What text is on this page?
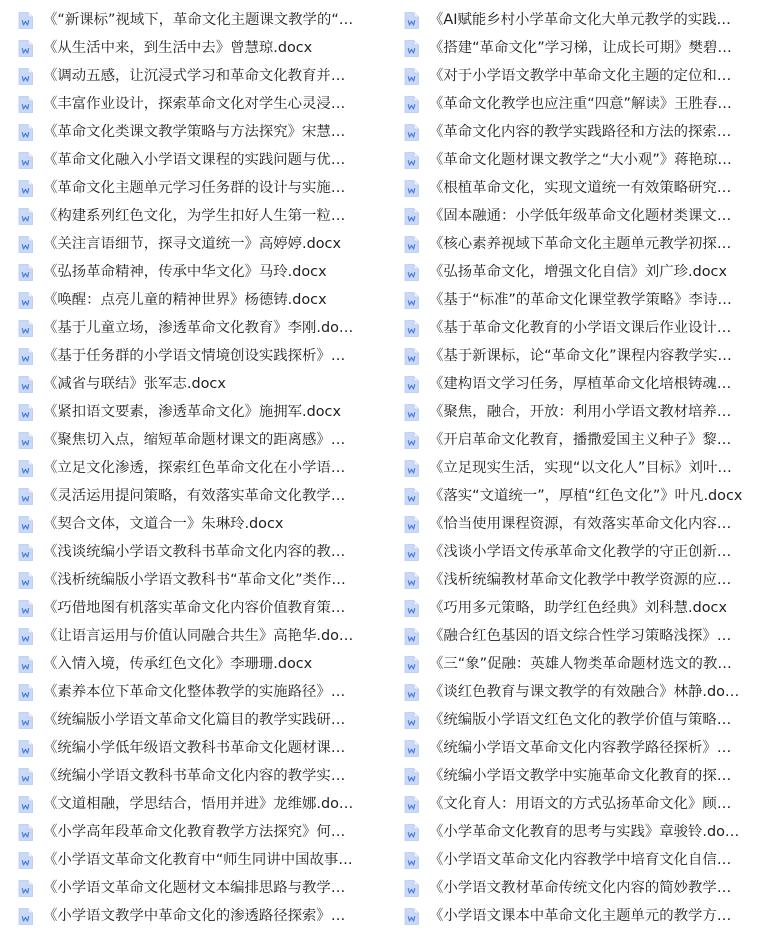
《“新课标”视域下，革命文化主题课文教学的“…
《从生活中来，到生活中去》曾慧琼.docx
《调动五感，让沉浸式学习和革命文化教育并…
《丰富作业设计，探索革命文化对学生心灵浸…
《革命文化类课文教学策略与方法探究》宋慧…
《革命文化融入小学语文课程的实践问题与优…
《革命文化主题单元学习任务群的设计与实施…
《构建系列红色文化，为学生扣好人生第一粒…
《关注言语细节，探寻文道统一》高婷婷.docx
《弘扬革命精神，传承中华文化》马玲.docx
《唤醒：点亮儿童的精神世界》杨德铸.docx
《基于儿童立场，渗透革命文化教育》李刚.do…
《基于任务群的小学语文情境创设实践探析》…
《减省与联结》张军志.docx
《紧扣语文要素，渗透革命文化》施拥军.docx
《聚焦切入点，缩短革命题材课文的距离感》…
《立足文化渗透，探索红色革命文化在小学语…
《灵活运用提问策略，有效落实革命文化教学…
《契合文体，文道合一》朱琳玲.docx
《浅谈统编小学语文教科书革命文化内容的教…
《浅析统编版小学语文教科书“革命文化”类作…
《巧借地图有机落实革命文化内容价值教育策…
《让语言运用与价值认同融合共生》高艳华.do…
《入情入境，传承红色文化》李珊珊.docx
《素养本位下革命文化整体教学的实施路径》…
《统编版小学语文革命文化篇目的教学实践研…
《统编小学低年级语文教科书革命文化题材课…
《统编小学语文教科书革命文化内容的教学实…
《文道相融，学思结合，悟用并进》龙维娜.do…
《小学高年段革命文化教育教学方法探究》何…
《小学语文革命文化教育中“师生同讲中国故事…
《小学语文革命文化题材文本编排思路与教学…
《小学语文教学中革命文化的渗透路径探索》…
《AI赋能乡村小学革命文化大单元教学的实践…
《搭建“革命文化”学习梯，让成长可期》樊碧…
《对于小学语文教学中革命文化主题的定位和…
《革命文化教学也应注重“四意”解读》王胜春…
《革命文化内容的教学实践路径和方法的探索…
《革命文化题材课文教学之“大小观”》蒋艳琼…
《根植革命文化，实现文道统一有效策略研究…
《固本融通：小学低年级革命文化题材类课文…
《核心素养视域下革命文化主题单元教学初探…
《弘扬革命文化，增强文化自信》刘广珍.docx
《基于“标准”的革命文化课堂教学策略》李诗…
《基于革命文化教育的小学语文课后作业设计…
《基于新课标，论“革命文化”课程内容教学实…
《建构语文学习任务，厚植革命文化培根铸魂…
《聚焦，融合，开放：利用小学语文教材培养…
《开启革命文化教育，播撒爱国主义种子》黎…
《立足现实生活，实现“以文化人”目标》刘叶…
《落实“文道统一”，厚植“红色文化”》叶凡.docx
《恰当使用课程资源，有效落实革命文化内容…
《浅谈小学语文传承革命文化教学的守正创新…
《浅析统编教材革命文化教学中教学资源的应…
《巧用多元策略，助学红色经典》刘科慧.docx
《融合红色基因的语文综合性学习策略浅探》…
《三“象”促融：英雄人物类革命题材选文的教…
《谈红色教育与课文教学的有效融合》林静.do…
《统编版小学语文红色文化的教学价值与策略…
《统编小学语文革命文化内容教学路径探析》…
《统编小学语文教学中实施革命文化教育的探…
《文化育人：用语文的方式弘扬革命文化》顾…
《小学革命文化教育的思考与实践》章骏铃.do…
《小学语文革命文化内容教学中培育文化自信…
《小学语文教材革命传统文化内容的简妙教学…
《小学语文课本中革命文化主题单元的教学方…
